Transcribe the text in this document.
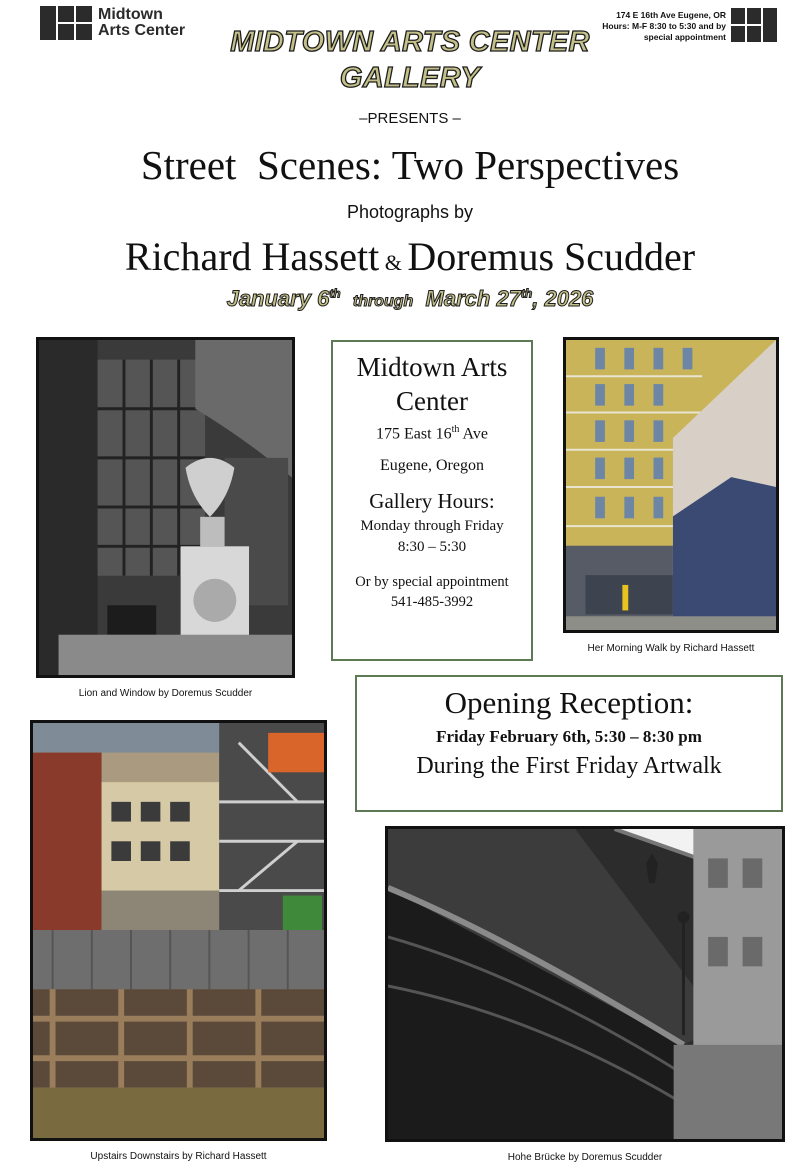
Midtown
Arts Center
174 E 16th Ave Eugene, OR
Hours: M-F 8:30 to 5:30 and by
special appointment
MIDTOWN ARTS CENTER
GALLERY
–PRESENTS –
Street  Scenes: Two Perspectives
Photographs by
Richard Hassett & Doremus Scudder
January 6th through March 27th, 2026
Lion and Window by Doremus Scudder
Midtown Arts
Center
175 East 16th Ave
Eugene, Oregon
Gallery Hours:
Monday through Friday
8:30 – 5:30
Or by special appointment
541-485-3992
Her Morning Walk by Richard Hassett
Opening Reception:
Friday February 6th, 5:30 – 8:30 pm
During the First Friday Artwalk
Upstairs Downstairs by Richard Hassett	Hohe Brücke by Doremus Scudder
